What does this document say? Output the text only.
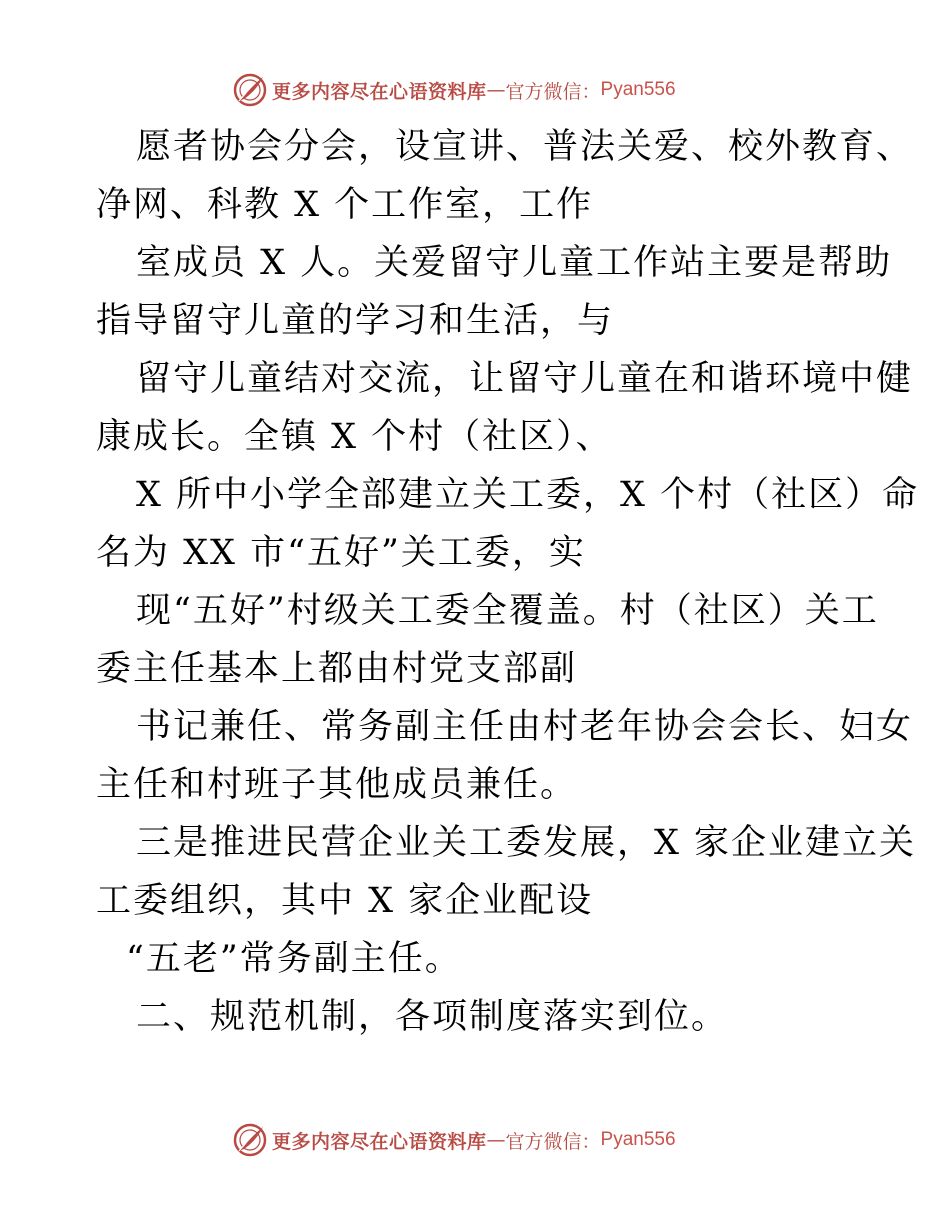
更多内容尽在心语资料库 — 官方微信： Pyan556
愿者协会分会，设宣讲、普法关爱、校外教育、
净网、科教 X 个工作室，工作
室成员 X 人。关爱留守儿童工作站主要是帮助
指导留守儿童的学习和生活，与
留守儿童结对交流，让留守儿童在和谐环境中健
康成长。全镇 X 个村（社区）、
X 所中小学全部建立关工委，X 个村（社区）命
名为 XX 市“五好”关工委，实
现“五好”村级关工委全覆盖。村（社区）关工
委主任基本上都由村党支部副
书记兼任、常务副主任由村老年协会会长、妇女
主任和村班子其他成员兼任。
三是推进民营企业关工委发展，X 家企业建立关
工委组织，其中 X 家企业配设
“五老”常务副主任。
二、规范机制，各项制度落实到位。
更多内容尽在心语资料库 — 官方微信： Pyan556
